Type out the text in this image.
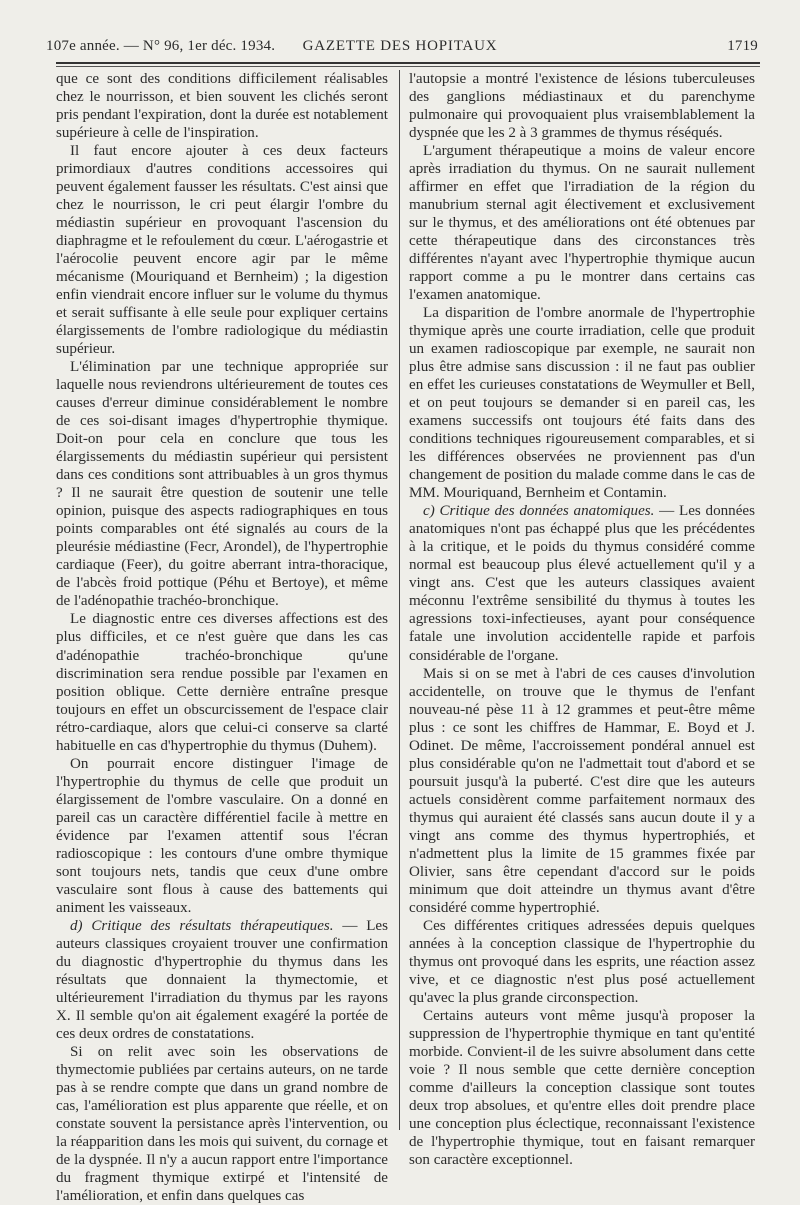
107e année. — N° 96, 1er déc. 1934.	GAZETTE DES HOPITAUX	1719

que ce sont des conditions difficilement réalisables chez le nourrisson, et bien souvent les clichés seront pris pendant l'expiration, dont la durée est notablement supérieure à celle de l'inspiration.

Il faut encore ajouter à ces deux facteurs primordiaux d'autres conditions accessoires qui peuvent également fausser les résultats. C'est ainsi que chez le nourrisson, le cri peut élargir l'ombre du médiastin supérieur en provoquant l'ascension du diaphragme et le refoulement du cœur. L'aérogastrie et l'aérocolie peuvent encore agir par le même mécanisme (Mouriquand et Bernheim) ; la digestion enfin viendrait encore influer sur le volume du thymus et serait suffisante à elle seule pour expliquer certains élargissements de l'ombre radiologique du médiastin supérieur.

L'élimination par une technique appropriée sur laquelle nous reviendrons ultérieurement de toutes ces causes d'erreur diminue considérablement le nombre de ces soi-disant images d'hypertrophie thymique. Doit-on pour cela en conclure que tous les élargissements du médiastin supérieur qui persistent dans ces conditions sont attribuables à un gros thymus ? Il ne saurait être question de soutenir une telle opinion, puisque des aspects radiographiques en tous points comparables ont été signalés au cours de la pleurésie médiastine (Fecr, Arondel), de l'hypertrophie cardiaque (Feer), du goitre aberrant intra-thoracique, de l'abcès froid pottique (Péhu et Bertoye), et même de l'adénopathie trachéo-bronchique.

Le diagnostic entre ces diverses affections est des plus difficiles, et ce n'est guère que dans les cas d'adénopathie trachéo-bronchique qu'une discrimination sera rendue possible par l'examen en position oblique. Cette dernière entraîne presque toujours en effet un obscurcissement de l'espace clair rétro-cardiaque, alors que celui-ci conserve sa clarté habituelle en cas d'hypertrophie du thymus (Duhem).

On pourrait encore distinguer l'image de l'hypertrophie du thymus de celle que produit un élargissement de l'ombre vasculaire. On a donné en pareil cas un caractère différentiel facile à mettre en évidence par l'examen attentif sous l'écran radioscopique : les contours d'une ombre thymique sont toujours nets, tandis que ceux d'une ombre vasculaire sont flous à cause des battements qui animent les vaisseaux.

d) Critique des résultats thérapeutiques. — Les auteurs classiques croyaient trouver une confirmation du diagnostic d'hypertrophie du thymus dans les résultats que donnaient la thymectomie, et ultérieurement l'irradiation du thymus par les rayons X. Il semble qu'on ait également exagéré la portée de ces deux ordres de constatations.

Si on relit avec soin les observations de thymectomie publiées par certains auteurs, on ne tarde pas à se rendre compte que dans un grand nombre de cas, l'amélioration est plus apparente que réelle, et on constate souvent la persistance après l'intervention, ou la réapparition dans les mois qui suivent, du cornage et de la dyspnée. Il n'y a aucun rapport entre l'importance du fragment thymique extirpé et l'intensité de l'amélioration, et enfin dans quelques cas

l'autopsie a montré l'existence de lésions tuberculeuses des ganglions médiastinaux et du parenchyme pulmonaire qui provoquaient plus vraisemblablement la dyspnée que les 2 à 3 grammes de thymus réséqués.

L'argument thérapeutique a moins de valeur encore après irradiation du thymus. On ne saurait nullement affirmer en effet que l'irradiation de la région du manubrium sternal agit électivement et exclusivement sur le thymus, et des améliorations ont été obtenues par cette thérapeutique dans des circonstances très différentes n'ayant avec l'hypertrophie thymique aucun rapport comme a pu le montrer dans certains cas l'examen anatomique.

La disparition de l'ombre anormale de l'hypertrophie thymique après une courte irradiation, celle que produit un examen radioscopique par exemple, ne saurait non plus être admise sans discussion : il ne faut pas oublier en effet les curieuses constatations de Weymuller et Bell, et on peut toujours se demander si en pareil cas, les examens successifs ont toujours été faits dans des conditions techniques rigoureusement comparables, et si les différences observées ne proviennent pas d'un changement de position du malade comme dans le cas de MM. Mouriquand, Bernheim et Contamin.

c) Critique des données anatomiques. — Les données anatomiques n'ont pas échappé plus que les précédentes à la critique, et le poids du thymus considéré comme normal est beaucoup plus élevé actuellement qu'il y a vingt ans. C'est que les auteurs classiques avaient méconnu l'extrême sensibilité du thymus à toutes les agressions toxi-infectieuses, ayant pour conséquence fatale une involution accidentelle rapide et parfois considérable de l'organe.

Mais si on se met à l'abri de ces causes d'involution accidentelle, on trouve que le thymus de l'enfant nouveau-né pèse 11 à 12 grammes et peut-être même plus : ce sont les chiffres de Hammar, E. Boyd et J. Odinet. De même, l'accroissement pondéral annuel est plus considérable qu'on ne l'admettait tout d'abord et se poursuit jusqu'à la puberté. C'est dire que les auteurs actuels considèrent comme parfaitement normaux des thymus qui auraient été classés sans aucun doute il y a vingt ans comme des thymus hypertrophiés, et n'admettent plus la limite de 15 grammes fixée par Olivier, sans être cependant d'accord sur le poids minimum que doit atteindre un thymus avant d'être considéré comme hypertrophié.

Ces différentes critiques adressées depuis quelques années à la conception classique de l'hypertrophie du thymus ont provoqué dans les esprits, une réaction assez vive, et ce diagnostic n'est plus posé actuellement qu'avec la plus grande circonspection.

Certains auteurs vont même jusqu'à proposer la suppression de l'hypertrophie thymique en tant qu'entité morbide. Convient-il de les suivre absolument dans cette voie ? Il nous semble que cette dernière conception comme d'ailleurs la conception classique sont toutes deux trop absolues, et qu'entre elles doit prendre place une conception plus éclectique, reconnaissant l'existence de l'hypertrophie thymique, tout en faisant remarquer son caractère exceptionnel.
